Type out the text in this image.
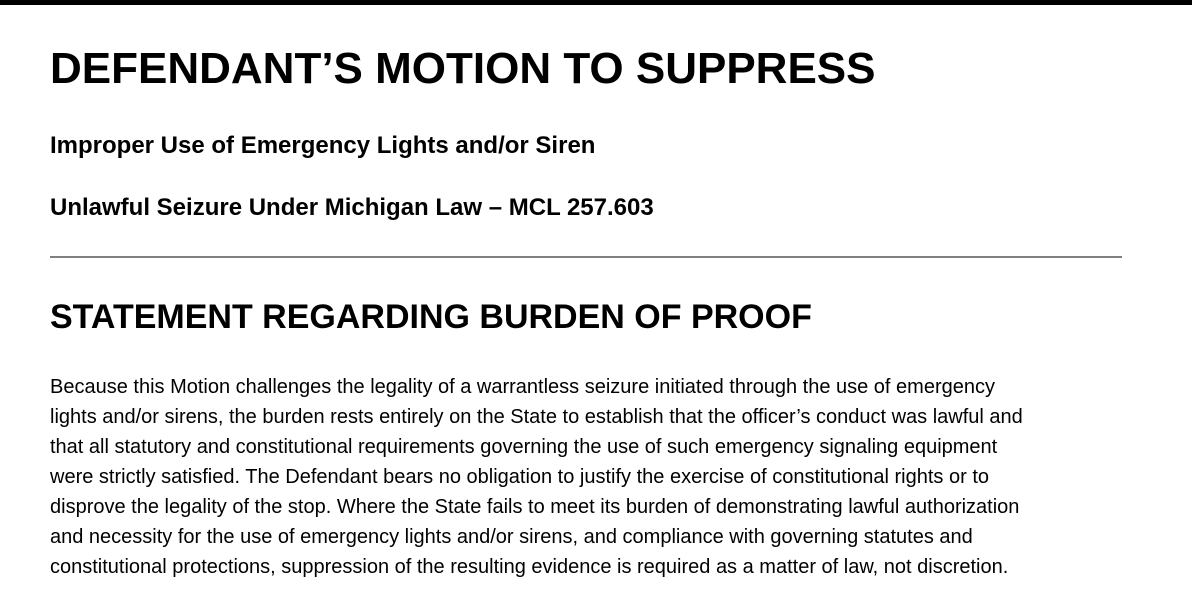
DEFENDANT’S MOTION TO SUPPRESS
Improper Use of Emergency Lights and/or Siren
Unlawful Seizure Under Michigan Law – MCL 257.603
STATEMENT REGARDING BURDEN OF PROOF
Because this Motion challenges the legality of a warrantless seizure initiated through the use of emergency
lights and/or sirens, the burden rests entirely on the State to establish that the officer’s conduct was lawful and
that all statutory and constitutional requirements governing the use of such emergency signaling equipment
were strictly satisfied. The Defendant bears no obligation to justify the exercise of constitutional rights or to
disprove the legality of the stop. Where the State fails to meet its burden of demonstrating lawful authorization
and necessity for the use of emergency lights and/or sirens, and compliance with governing statutes and
constitutional protections, suppression of the resulting evidence is required as a matter of law, not discretion.
